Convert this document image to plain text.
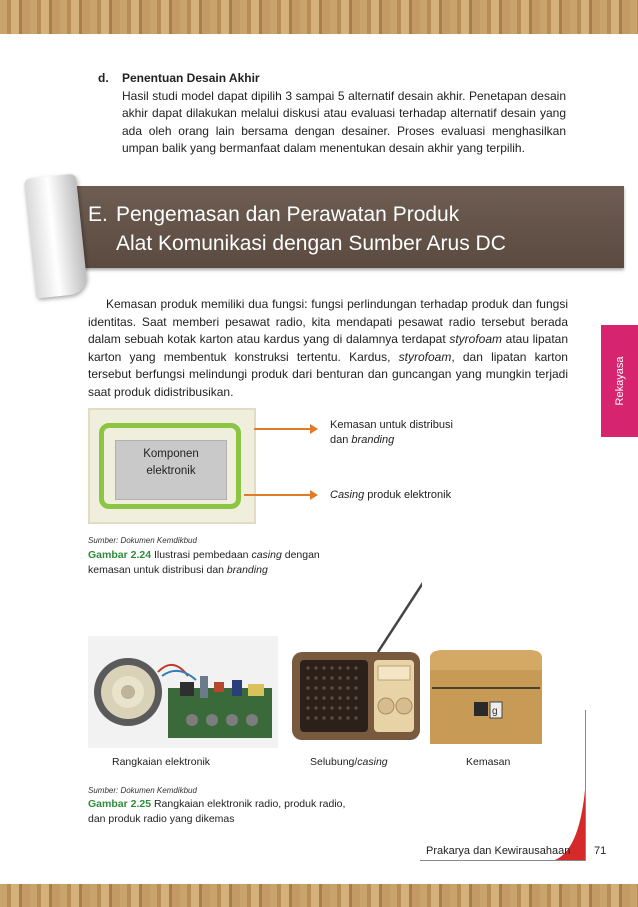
d. Penentuan Desain Akhir

Hasil studi model dapat dipilih 3 sampai 5 alternatif desain akhir. Penetapan desain akhir dapat dilakukan melalui diskusi atau evaluasi terhadap alternatif desain yang ada oleh orang lain bersama dengan desainer. Proses evaluasi menghasilkan umpan balik yang bermanfaat dalam menentukan desain akhir yang terpilih.

E. Pengemasan dan Perawatan Produk
Alat Komunikasi dengan Sumber Arus DC

Kemasan produk memiliki dua fungsi: fungsi perlindungan terhadap produk dan fungsi identitas. Saat memberi pesawat radio, kita mendapati pesawat radio tersebut berada dalam sebuah kotak karton atau kardus yang di dalamnya terdapat styrofoam atau lipatan karton yang membentuk konstruksi tertentu. Kardus, styrofoam, dan lipatan karton tersebut berfungsi melindungi produk dari benturan dan guncangan yang mungkin terjadi saat produk didistribusikan.	Rekayasa
Komponen
elektronik
Kemasan untuk distribusi
dan branding
Casing produk elektronik
Sumber: Dokumen Kemdikbud
Gambar 2.24 Ilustrasi pembedaan casing dengan
kemasan untuk distribusi dan branding
g
Rangkaian elektronik	Selubung/casing	Kemasan
Sumber: Dokumen Kemdikbud
Gambar 2.25 Rangkaian elektronik radio, produk radio,
dan produk radio yang dikemas
Prakarya dan Kewirausahaan 71
